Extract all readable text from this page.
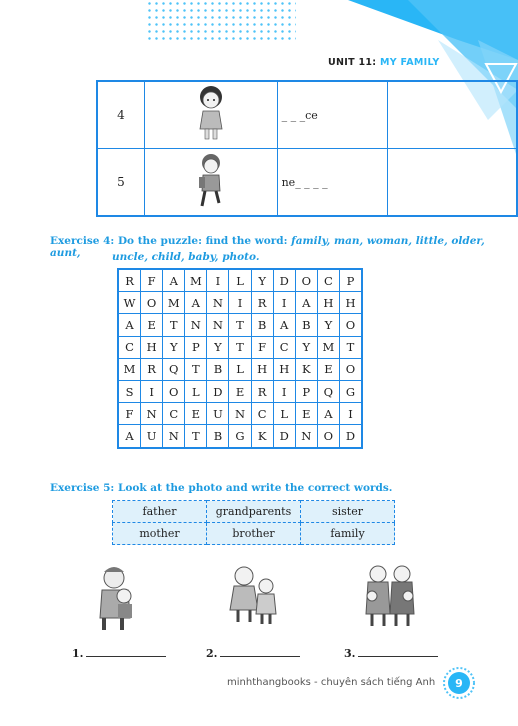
UNIT 11: MY FAMILY
4		_ _ _ce	
5		ne_ _ _ _	
Exercise 4: Do the puzzle: find the word: family, man, woman, little, older, aunt,	uncle, child, baby, photo.
R	F	A	M	I	L	Y	D	O	C	P
W	O	M	A	N	I	R	I	A	H	H
A	E	T	N	N	T	B	A	B	Y	O
C	H	Y	P	Y	T	F	C	Y	M	T
M	R	Q	T	B	L	H	H	K	E	O
S	I	O	L	D	E	R	I	P	Q	G
F	N	C	E	U	N	C	L	E	A	I
A	U	N	T	B	G	K	D	N	O	D
Exercise 5: Look at the photo and write the correct words.
father	grandparents	sister
mother	brother	family
1.	2.	3.
minhthangbooks - chuyên sách tiếng Anh 9
